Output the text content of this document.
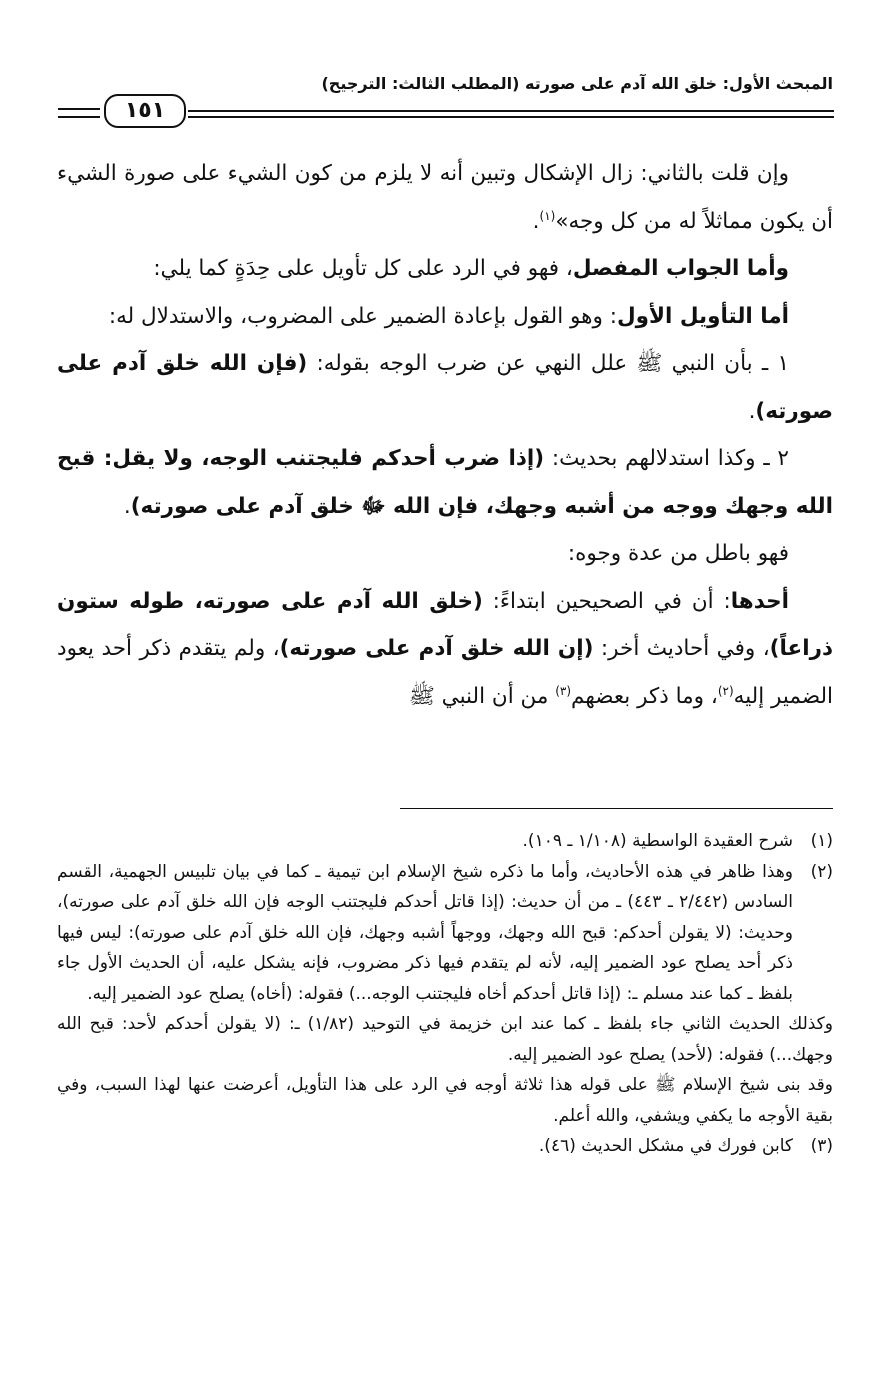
المبحث الأول: خلق الله آدم على صورته (المطلب الثالث: الترجيح)
١٥١

وإن قلت بالثاني: زال الإشكال وتبين أنه لا يلزم من كون الشيء على صورة الشيء أن يكون مماثلاً له من كل وجه»$^{(١)}$.

وأما الجواب المفصل، فهو في الرد على كل تأويل على حِدَةٍ كما يلي:

أما التأويل الأول: وهو القول بإعادة الضمير على المضروب، والاستدلال له:

١ ـ بأن النبي ﷺ علل النهي عن ضرب الوجه بقوله: (فإن الله خلق آدم على صورته).

٢ ـ وكذا استدلالهم بحديث: (إذا ضرب أحدكم فليجتنب الوجه، ولا يقل: قبح الله وجهك ووجه من أشبه وجهك، فإن الله ﷻ خلق آدم على صورته).

فهو باطل من عدة وجوه:

أحدها: أن في الصحيحين ابتداءً: (خلق الله آدم على صورته، طوله ستون ذراعاً)، وفي أحاديث أخر: (إن الله خلق آدم على صورته)، ولم يتقدم ذكر أحد يعود الضمير إليه$^{(٢)}$، وما ذكر بعضهم$^{(٣)}$ من أن النبي ﷺ

(١)
شرح العقيدة الواسطية (١/١٠٨ ـ ١٠٩).
(٢)
وهذا ظاهر في هذه الأحاديث، وأما ما ذكره شيخ الإسلام ابن تيمية ـ كما في بيان تلبيس الجهمية، القسم السادس (٢/٤٤٢ ـ ٤٤٣) ـ من أن حديث: (إذا قاتل أحدكم فليجتنب الوجه فإن الله خلق آدم على صورته)، وحديث: (لا يقولن أحدكم: قبح الله وجهك، ووجهاً أشبه وجهك، فإن الله خلق آدم على صورته): ليس فيها ذكر أحد يصلح عود الضمير إليه، لأنه لم يتقدم فيها ذكر مضروب، فإنه يشكل عليه، أن الحديث الأول جاء بلفظ ـ كما عند مسلم ـ: (إذا قاتل أحدكم أخاه فليجتنب الوجه...) فقوله: (أخاه) يصلح عود الضمير إليه.

وكذلك الحديث الثاني جاء بلفظ ـ كما عند ابن خزيمة في التوحيد (١/٨٢) ـ: (لا يقولن أحدكم لأحد: قبح الله وجهك...) فقوله: (لأحد) يصلح عود الضمير إليه.

وقد بنى شيخ الإسلام ﷺ على قوله هذا ثلاثة أوجه في الرد على هذا التأويل، أعرضت عنها لهذا السبب، وفي بقية الأوجه ما يكفي ويشفي، والله أعلم.

(٣)
كابن فورك في مشكل الحديث (٤٦).
